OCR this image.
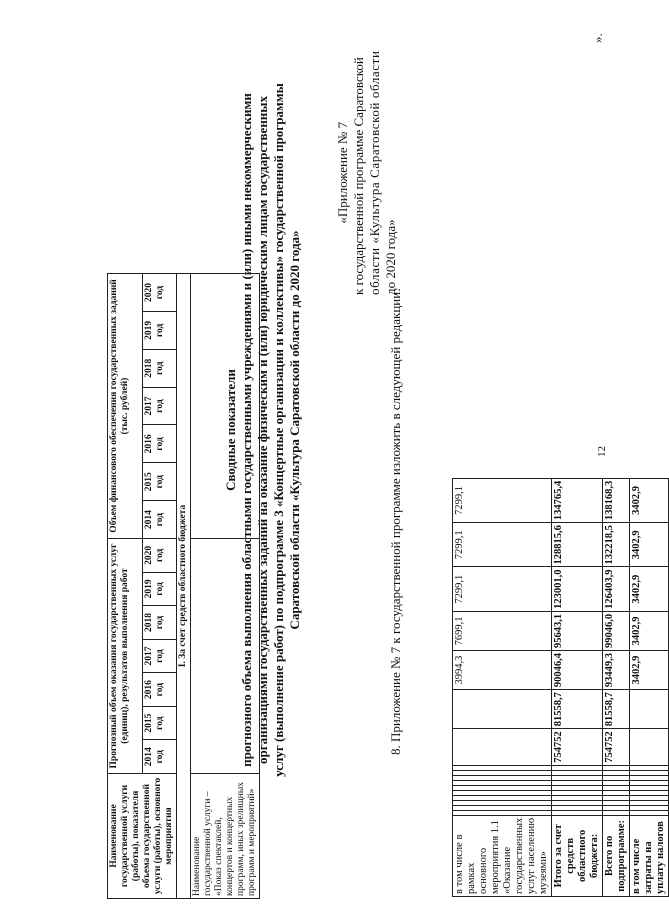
в том числе в рамках основного мероприятия 1.1 «Оказание государственных услуг населению музеями»													3994,3	7699,1	7299,1	7299,1	7299,1
Итого за счет средств областного бюджета:											754752	81558,7	90046,4	95643,1	123001,0	128815,6	134765,4
Всего по подпрограмме:											754752	81558,7	93449,3	99046,0	126403,9	132218,5	138168,3
в том числе затраты на уплату налогов													3402,9	3402,9	3402,9	3402,9	3402,9
».
12
8. Приложение № 7 к государственной программе изложить в следующей редакции:
«Приложение № 7 к государственной программе Саратовской области «Культура Саратовской области до 2020 года»
Сводные показатели прогнозного объема выполнения областными государственными учреждениями и (или) иными некоммерческими организациями государственных заданий на оказание физическим и (или) юридическим лицам государственных услуг (выполнение работ) по подпрограмме 3 «Концертные организации и коллективы» государственной программы Саратовской области «Культура Саратовской области до 2020 года»
Наименование государственной услуги (работы), показателя объема государственной услуги (работы), основного мероприятия	Прогнозный объем оказания государственных услуг (единиц), результатов выполнения работ							Объем финансового обеспечения государственных заданий (тыс. рублей)						
	2014 год	2015 год	2016 год	2017 год	2018 год	2019 год	2020 год	2014 год	2015 год	2016 год	2017 год	2018 год	2019 год	2020 год
I. За счет средств областного бюджета														
Наименование государственной услуги – «Показ спектаклей, концертов и концертных программ, иных зрелищных программ и мероприятий»														
